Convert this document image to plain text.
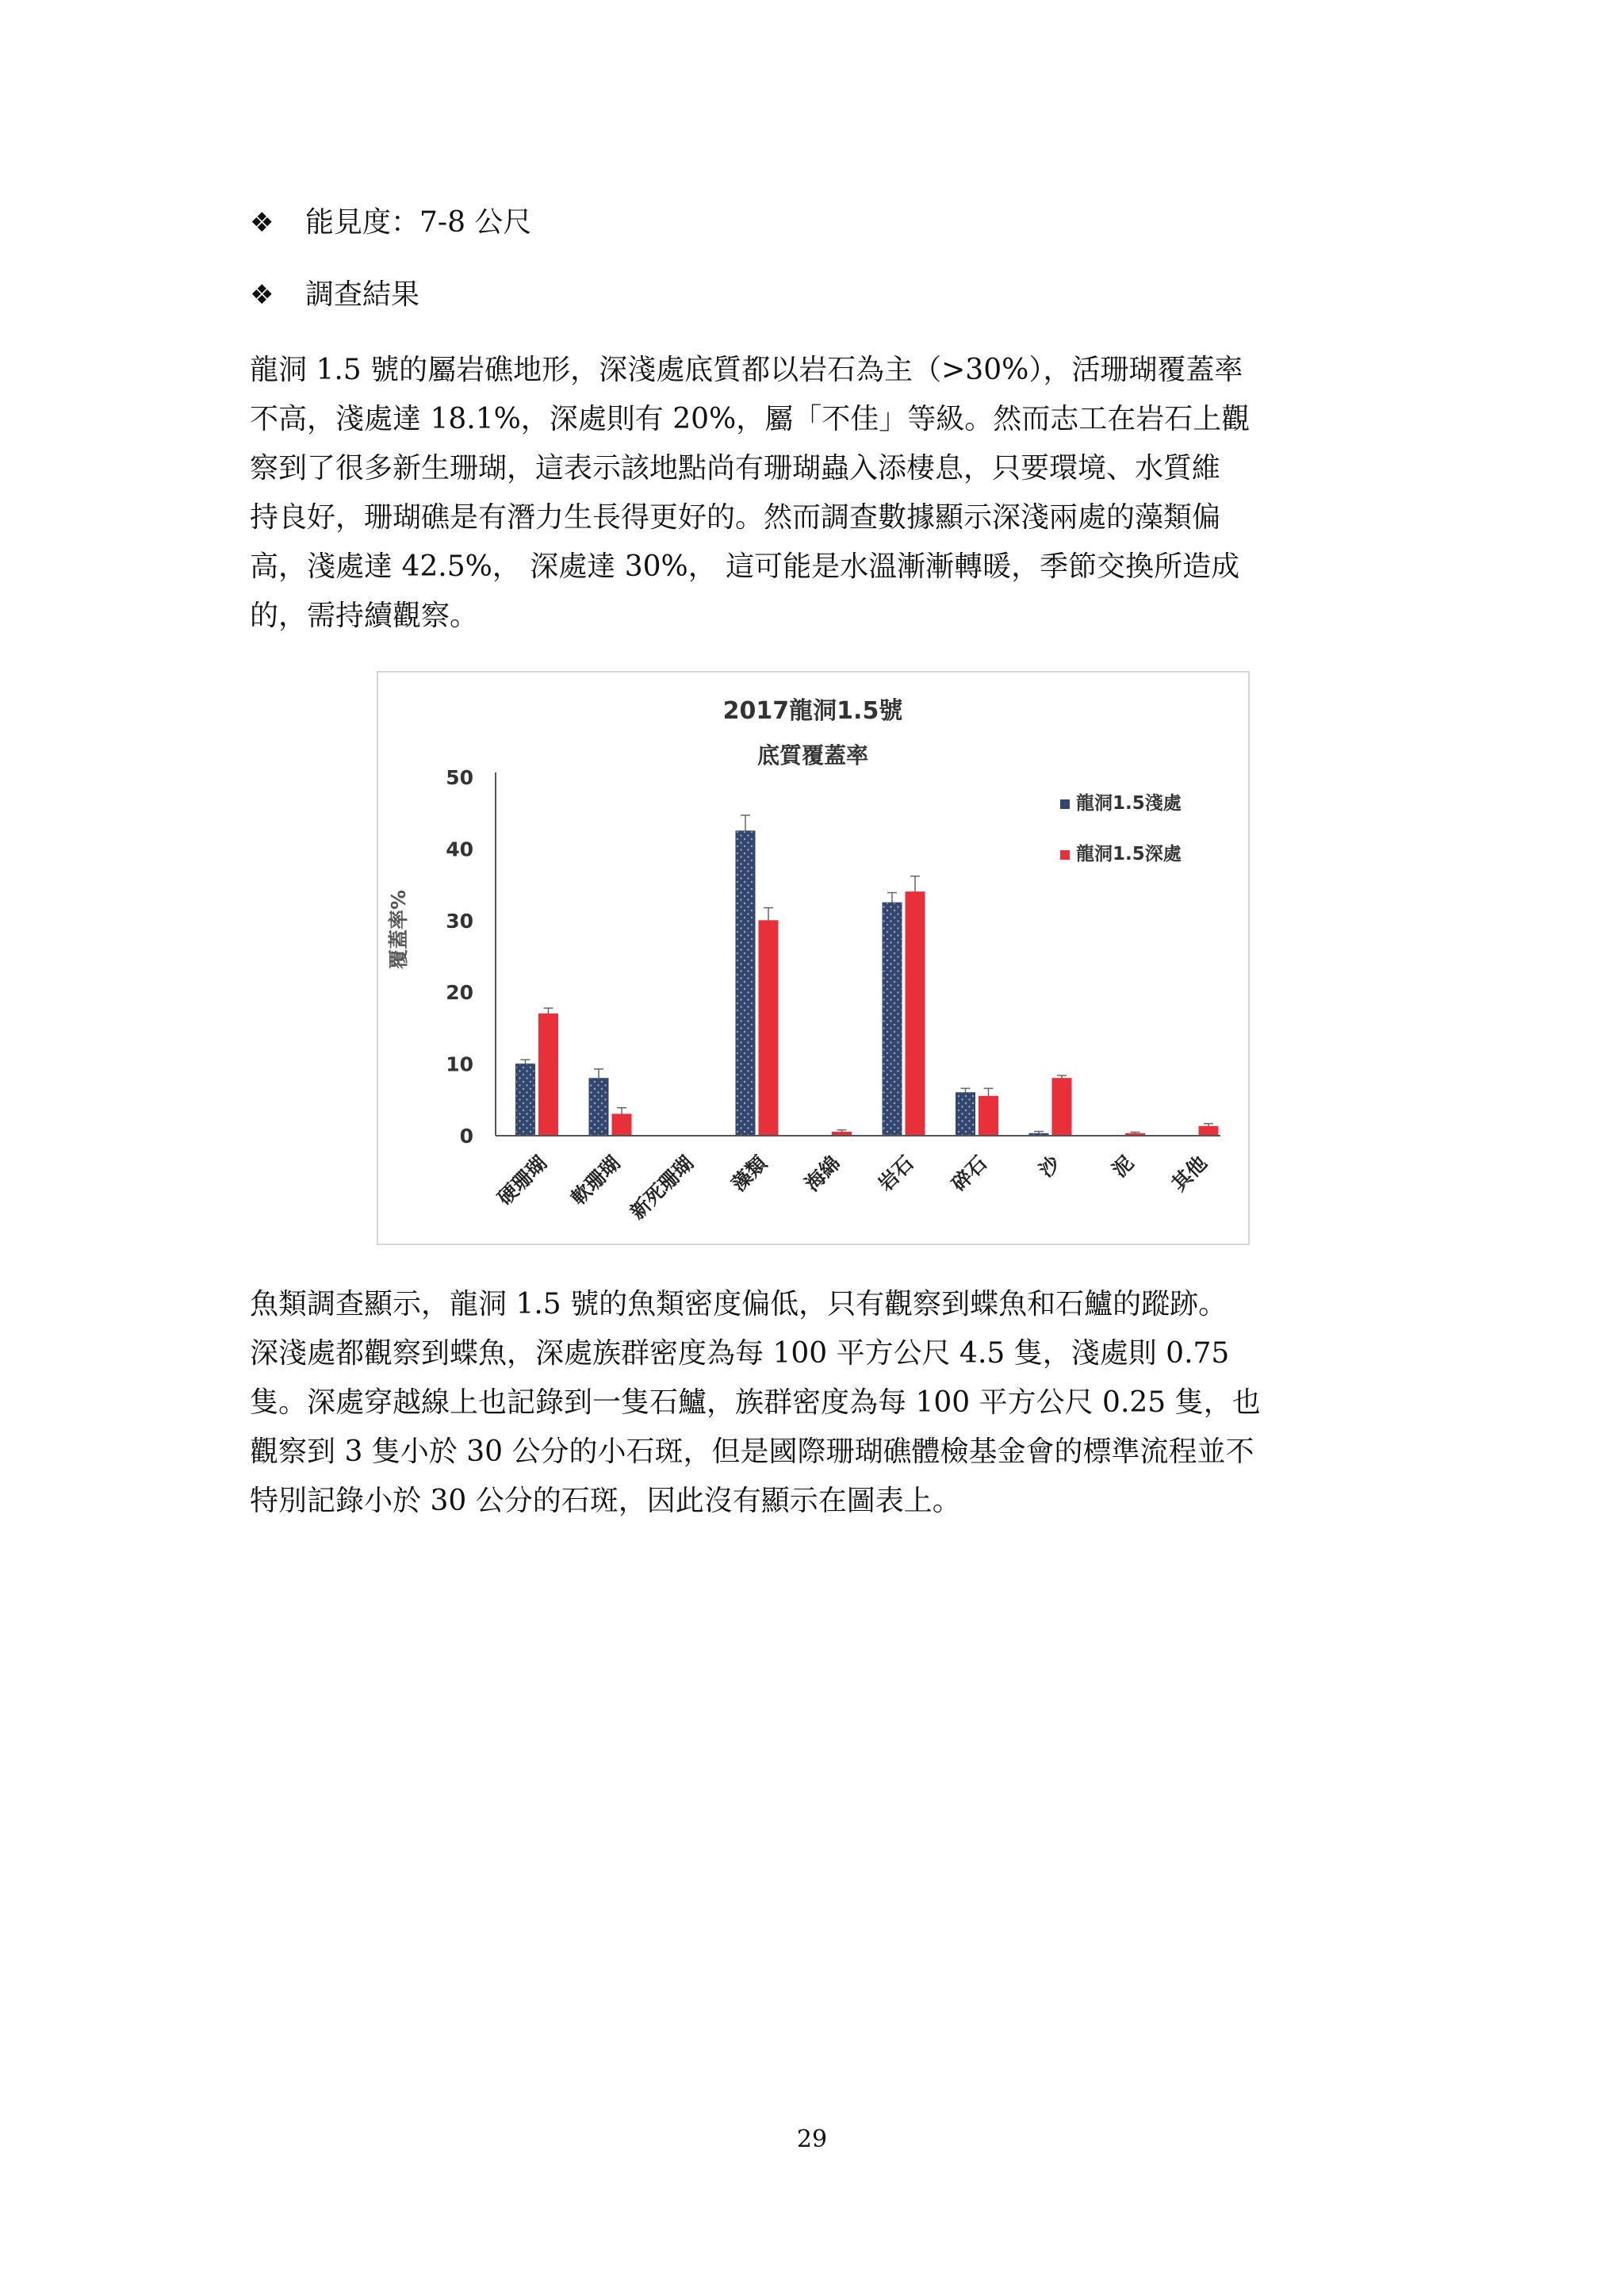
❖ 能見度：7-8 公尺
❖ 調查結果
龍洞 1.5 號的屬岩礁地形，深淺處底質都以岩石為主（>30%），活珊瑚覆蓋率
不高，淺處達 18.1%，深處則有 20%，屬「不佳」等級。然而志工在岩石上觀
察到了很多新生珊瑚，這表示該地點尚有珊瑚蟲入添棲息，只要環境、水質維
持良好，珊瑚礁是有潛力生長得更好的。然而調查數據顯示深淺兩處的藻類偏
高，淺處達 42.5%， 深處達 30%， 這可能是水溫漸漸轉暖，季節交換所造成
的，需持續觀察。
2017龍洞1.5號
底質覆蓋率
覆蓋率%
0
10
20
30
40
50
硬珊瑚 軟珊瑚 新死珊瑚 藻類 海綿 岩石 碎石 沙 泥 其他
龍洞1.5淺處
龍洞1.5深處
魚類調查顯示，龍洞 1.5 號的魚類密度偏低，只有觀察到蝶魚和石鱸的蹤跡。
深淺處都觀察到蝶魚，深處族群密度為每 100 平方公尺 4.5 隻，淺處則 0.75
隻。深處穿越線上也記錄到一隻石鱸，族群密度為每 100 平方公尺 0.25 隻，也
觀察到 3 隻小於 30 公分的小石斑，但是國際珊瑚礁體檢基金會的標準流程並不
特別記錄小於 30 公分的石斑，因此沒有顯示在圖表上。
29
